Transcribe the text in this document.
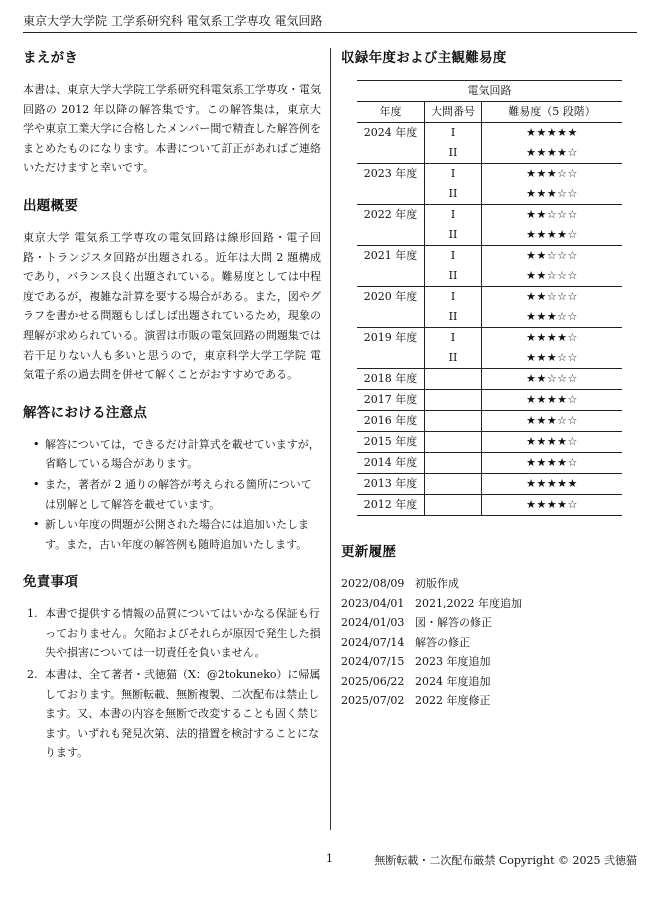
東京大学大学院 工学系研究科 電気系工学専攻 電気回路
まえがき

本書は、東京大学大学院工学系研究科電気系工学専攻・電気回路の 2012 年以降の解答集です。この解答集は，東京大学や東京工業大学に合格したメンバー間で精査した解答例をまとめたものになります。本書について訂正があればご連絡いただけますと幸いです。

出題概要

東京大学 電気系工学専攻の電気回路は線形回路・電子回路・トランジスタ回路が出題される。近年は大問 2 題構成であり，バランス良く出題されている。難易度としては中程度であるが，複雑な計算を要する場合がある。また，図やグラフを書かせる問題もしばしば出題されているため，現象の理解が求められている。演習は市販の電気回路の問題集では若干足りない人も多いと思うので，東京科学大学工学院 電気電子系の過去問を併せて解くことがおすすめである。

解答における注意点
• 解答については，できるだけ計算式を載せていますが，省略している場合があります。
• また，著者が 2 通りの解答が考えられる箇所については別解として解答を載せています。
• 新しい年度の問題が公開された場合には追加いたします。また，古い年度の解答例も随時追加いたします。
免責事項
1. 本書で提供する情報の品質についてはいかなる保証も行っておりません。欠陥およびそれらが原因で発生した損失や損害については一切責任を負いません。
2. 本書は、全て著者・弐徳猫（X：@2tokuneko）に帰属しております。無断転載、無断複製、二次配布は禁止します。又、本書の内容を無断で改変することも固く禁じます。いずれも発見次第、法的措置を検討することになります。
収録年度および主観難易度
電気回路		
年度	大問番号	難易度（5 段階）
2024 年度	I	★★★★★
	II	★★★★☆
2023 年度	I	★★★☆☆
	II	★★★☆☆
2022 年度	I	★★☆☆☆
	II	★★★★☆
2021 年度	I	★★☆☆☆
	II	★★☆☆☆
2020 年度	I	★★☆☆☆
	II	★★★☆☆
2019 年度	I	★★★★☆
	II	★★★☆☆
2018 年度		★★☆☆☆
2017 年度		★★★★☆
2016 年度		★★★☆☆
2015 年度		★★★★☆
2014 年度		★★★★☆
2013 年度		★★★★★
2012 年度		★★★★☆
更新履歴
2022/08/09 初版作成
2023/04/01 2021,2022 年度追加
2024/01/03 図・解答の修正
2024/07/14 解答の修正
2024/07/15 2023 年度追加
2025/06/22 2024 年度追加
2025/07/02 2022 年度修正
1	無断転載・二次配布厳禁 Copyright © 2025 弐徳猫
